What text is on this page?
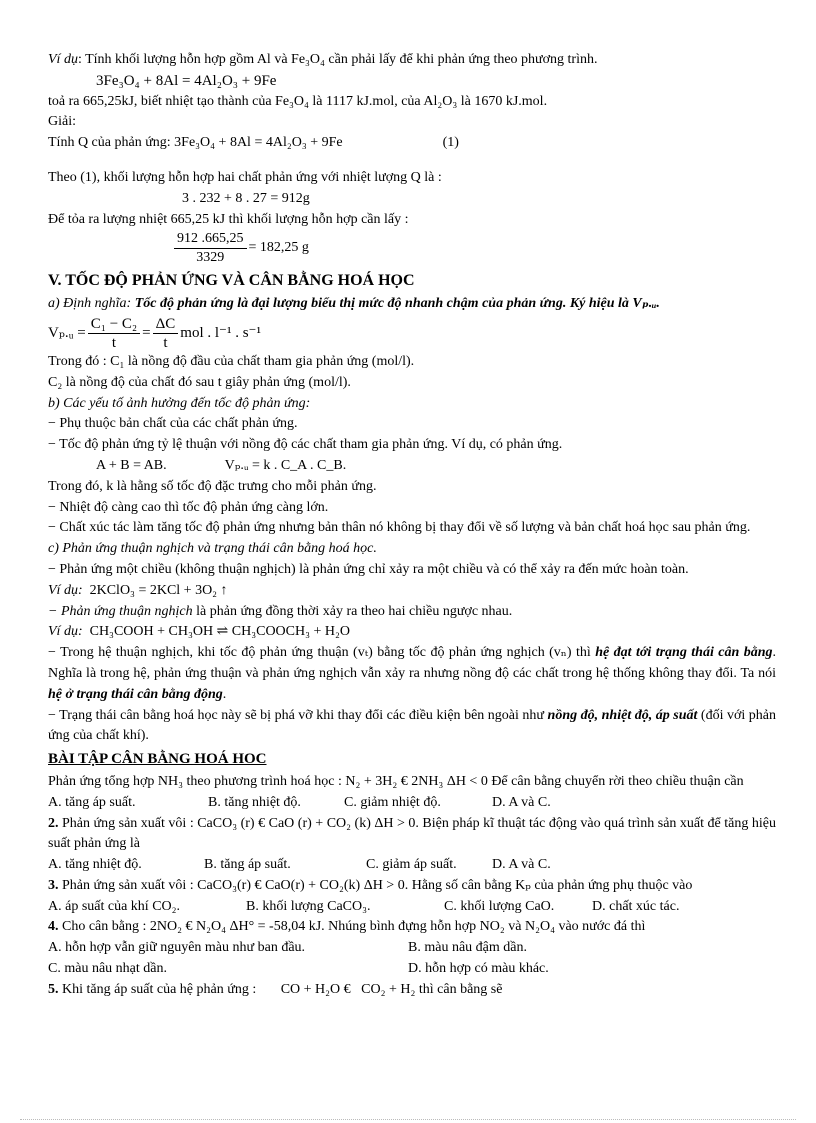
Ví dụ: Tính khối lượng hỗn hợp gồm Al và Fe₃O₄ cần phải lấy để khi phản ứng theo phương trình.

3Fe₃O₄ + 8Al = 4Al₂O₃ + 9Fe

toả ra 665,25kJ, biết nhiệt tạo thành của Fe₃O₄ là 1117 kJ.mol, của Al₂O₃ là 1670 kJ.mol.

Giải:

Tính Q của phản ứng: 3Fe₃O₄ + 8Al = 4Al₂O₃ + 9Fe	(1)

Theo (1), khối lượng hỗn hợp hai chất phản ứng với nhiệt lượng Q là :

3 . 232 + 8 . 27 = 912g

Để tỏa ra lượng nhiệt 665,25 kJ thì khối lượng hỗn hợp cần lấy :

$\frac{912 .665,25}{3329} = 182,25$ g
V. TỐC ĐỘ PHẢN ỨNG VÀ CÂN BẰNG HOÁ HỌC

a) Định nghĩa: Tốc độ phản ứng là đại lượng biểu thị mức độ nhanh chậm của phản ứng. Ký hiệu là Vₚ.ᵤ.

Vₚ.ᵤ = $\frac{\text{C₁ − C₂}}{t} = \frac{\Delta C}{t}$ mol . l⁻¹ . s⁻¹

Trong đó : C₁ là nồng độ đầu của chất tham gia phản ứng (mol/l).

C₂ là nồng độ của chất đó sau t giây phản ứng (mol/l).

b) Các yếu tố ảnh hưởng đến tốc độ phản ứng:

− Phụ thuộc bản chất của các chất phản ứng.

− Tốc độ phản ứng tỷ lệ thuận với nồng độ các chất tham gia phản ứng. Ví dụ, có phản ứng.

A + B = AB.	Vₚ.ᵤ = k . C_A . C_B.

Trong đó, k là hằng số tốc độ đặc trưng cho mỗi phản ứng.

− Nhiệt độ càng cao thì tốc độ phản ứng càng lớn.

− Chất xúc tác làm tăng tốc độ phản ứng nhưng bản thân nó không bị thay đổi về số lượng và bản chất hoá học sau phản ứng.

c) Phản ứng thuận nghịch và trạng thái cân bằng hoá học.

− Phản ứng một chiều (không thuận nghịch) là phản ứng chỉ xảy ra một chiều và có thể xảy ra đến mức hoàn toàn.

Ví dụ: 2KClO₃ = 2KCl + 3O₂ ↑

− Phản ứng thuận nghịch là phản ứng đồng thời xảy ra theo hai chiều ngược nhau.

Ví dụ: CH₃COOH + CH₃OH ⇌ CH₃COOCH₃ + H₂O

− Trong hệ thuận nghịch, khi tốc độ phản ứng thuận (vₜ) bằng tốc độ phản ứng nghịch (vₙ) thì hệ đạt tới trạng thái cân bằng. Nghĩa là trong hệ, phản ứng thuận và phản ứng nghịch vẫn xảy ra nhưng nồng độ các chất trong hệ thống không thay đổi. Ta nói hệ ở trạng thái cân bằng động.

− Trạng thái cân bằng hoá học này sẽ bị phá vỡ khi thay đổi các điều kiện bên ngoài như nồng độ, nhiệt độ, áp suất (đối với phản ứng của chất khí).

BÀI TẬP CÂN BẰNG HOÁ HOC

Phản ứng tổng hợp NH₃ theo phương trình hoá học : N₂ + 3H₂ € 2NH₃ ΔH < 0 Để cân bằng chuyển rời theo chiều thuận cần

A. tăng áp suất.	B. tăng nhiệt độ.	C. giảm nhiệt độ.	D. A và C.

2. Phản ứng sản xuất vôi : CaCO₃ (r) € CaO (r) + CO₂ (k) ΔH > 0. Biện pháp kĩ thuật tác động vào quá trình sản xuất để tăng hiệu suất phản ứng là

A. tăng nhiệt độ.	B. tăng áp suất.	C. giảm áp suất.	D. A và C.

3. Phản ứng sản xuất vôi : CaCO₃(r) € CaO(r) + CO₂(k) ΔH > 0. Hằng số cân bằng Kₚ của phản ứng phụ thuộc vào

A. áp suất của khí CO₂.	B. khối lượng CaCO₃.	C. khối lượng CaO.	D. chất xúc tác.

4. Cho cân bằng : 2NO₂ € N₂O₄ ΔH° = -58,04 kJ. Nhúng bình đựng hỗn hợp NO₂ và N₂O₄ vào nước đá thì

A. hỗn hợp vẫn giữ nguyên màu như ban đầu.	B. màu nâu đậm dần.
C. màu nâu nhạt dần.	D. hỗn hợp có màu khác.

5. Khi tăng áp suất của hệ phản ứng :       CO + H₂O €   CO₂ + H₂ thì cân bằng sẽ
